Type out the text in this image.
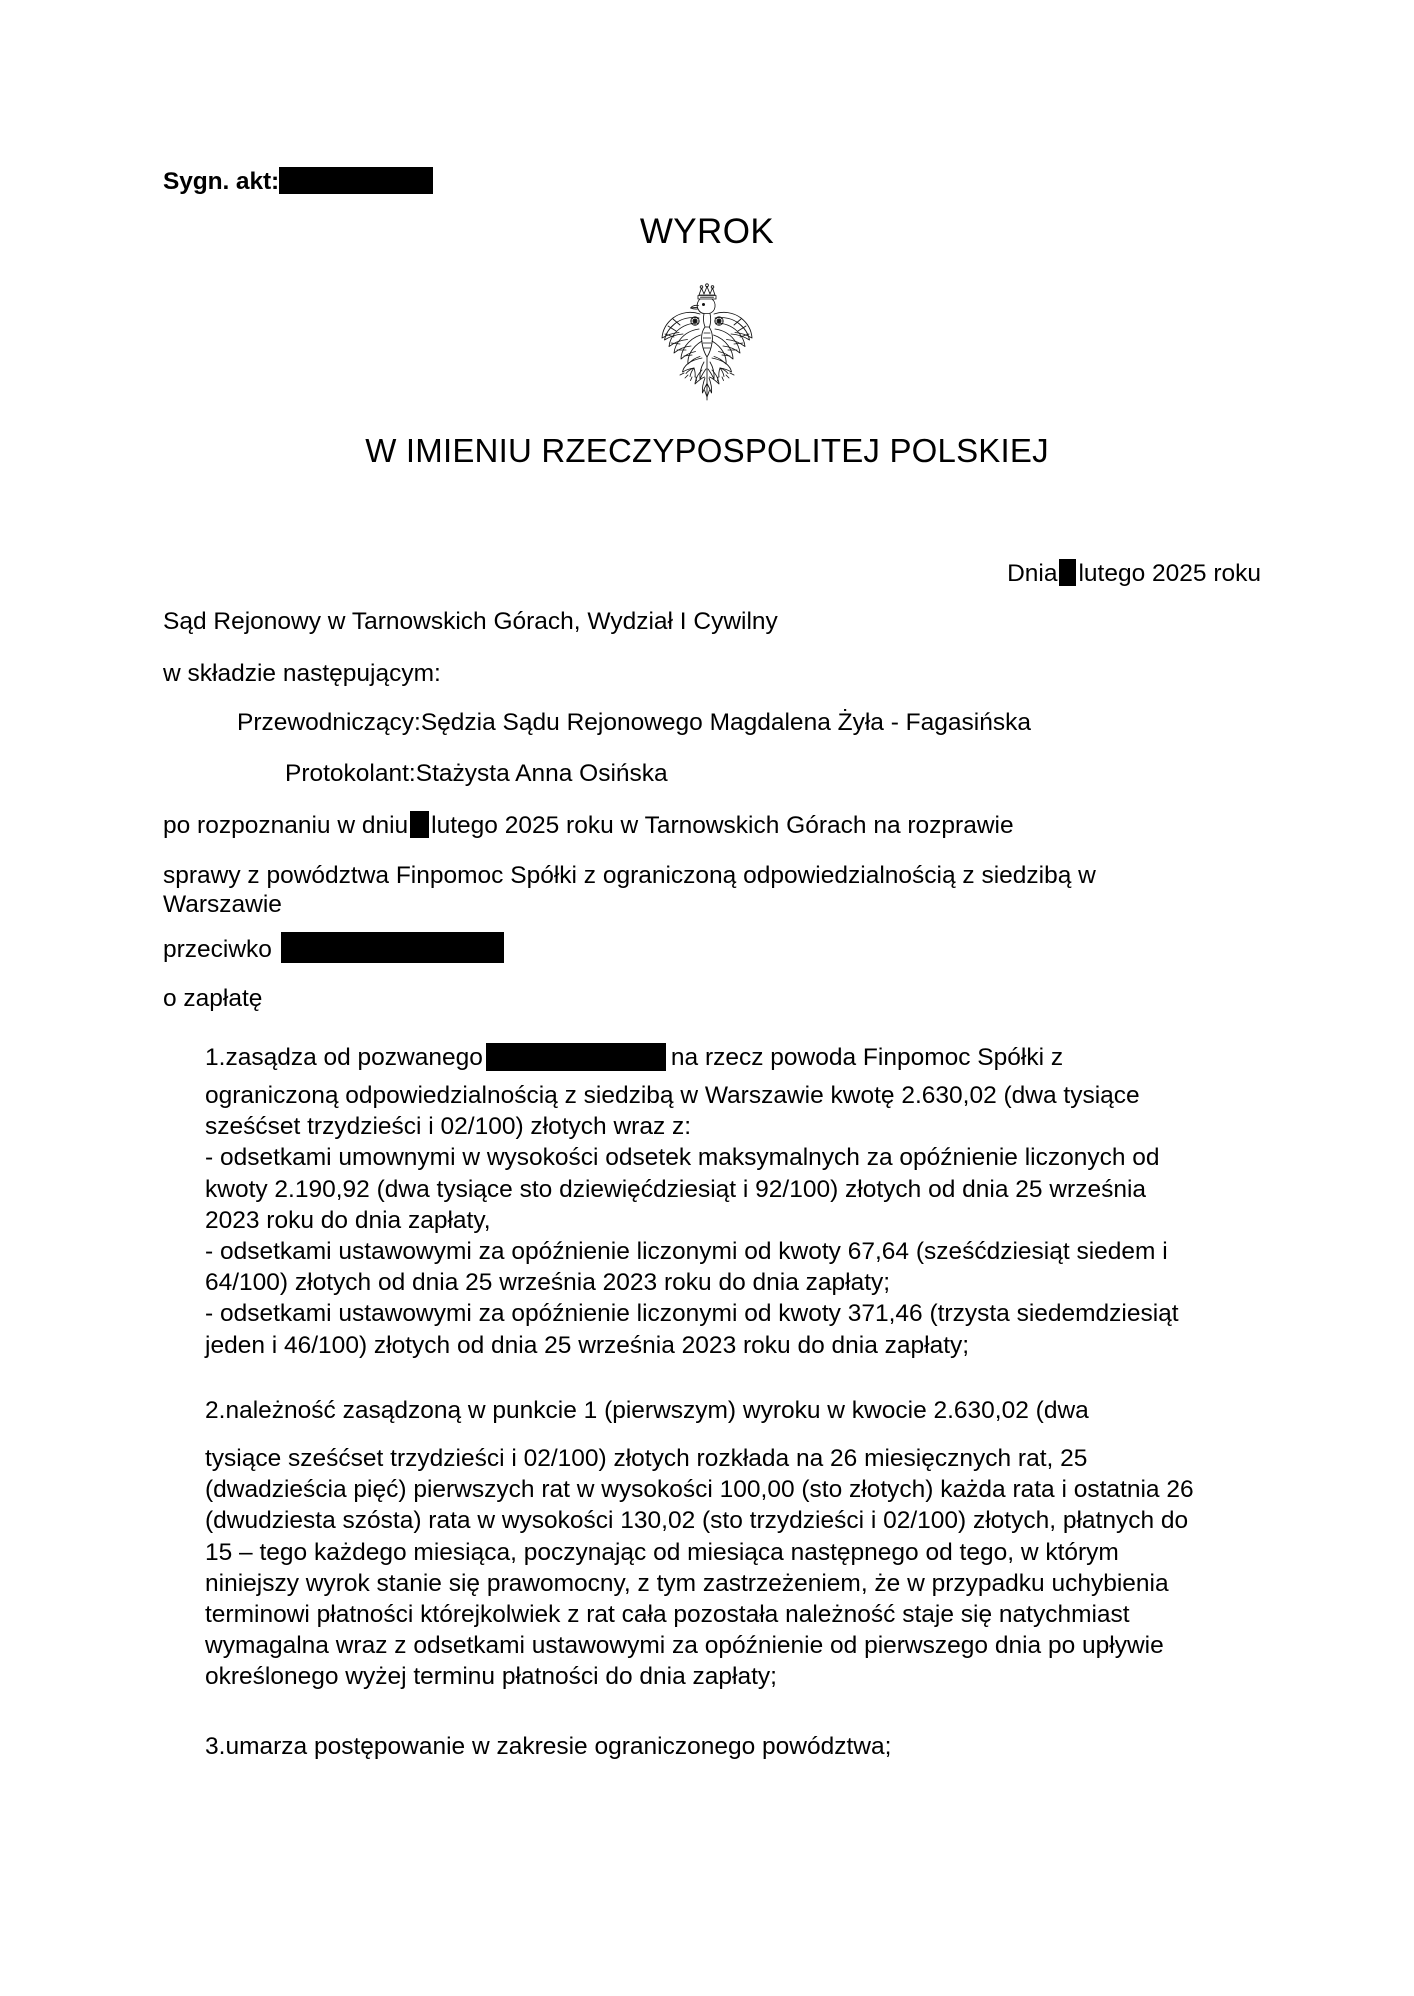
Sygn. akt:
WYROK
W IMIENIU RZECZYPOSPOLITEJ POLSKIEJ
Dnia lutego 2025 roku
Sąd Rejonowy w Tarnowskich Górach, Wydział I Cywilny
w składzie następującym:
Przewodniczący:Sędzia Sądu Rejonowego Magdalena Żyła - Fagasińska
Protokolant:Stażysta Anna Osińska
po rozpoznaniu w dniu lutego 2025 roku w Tarnowskich Górach na rozprawie
sprawy z powództwa Finpomoc Spółki z ograniczoną odpowiedzialnością z siedzibą w Warszawie
przeciwko
o zapłatę
1.zasądza od pozwanego	na rzecz powoda Finpomoc Spółki z
ograniczoną odpowiedzialnością z siedzibą w Warszawie kwotę 2.630,02 (dwa tysiące sześćset trzydzieści i 02/100) złotych wraz z:
- odsetkami umownymi w wysokości odsetek maksymalnych za opóźnienie liczonych od kwoty 2.190,92 (dwa tysiące sto dziewięćdziesiąt i 92/100) złotych od dnia 25 września 2023 roku do dnia zapłaty,
- odsetkami ustawowymi za opóźnienie liczonymi od kwoty 67,64 (sześćdziesiąt siedem i 64/100) złotych od dnia 25 września 2023 roku do dnia zapłaty;
- odsetkami ustawowymi za opóźnienie liczonymi od kwoty 371,46 (trzysta siedemdziesiąt jeden i 46/100) złotych od dnia 25 września 2023 roku do dnia zapłaty;
2.należność zasądzoną w punkcie 1 (pierwszym) wyroku w kwocie 2.630,02 (dwa
tysiące sześćset trzydzieści i 02/100) złotych rozkłada na 26 miesięcznych rat, 25 (dwadzieścia pięć) pierwszych rat w wysokości 100,00 (sto złotych) każda rata i ostatnia 26 (dwudziesta szósta) rata w wysokości 130,02 (sto trzydzieści i 02/100) złotych, płatnych do 15 – tego każdego miesiąca, poczynając od miesiąca następnego od tego, w którym niniejszy wyrok stanie się prawomocny, z tym zastrzeżeniem, że w przypadku uchybienia terminowi płatności którejkolwiek z rat cała pozostała należność staje się natychmiast wymagalna wraz z odsetkami ustawowymi za opóźnienie od pierwszego dnia po upływie określonego wyżej terminu płatności do dnia zapłaty;
3.umarza postępowanie w zakresie ograniczonego powództwa;
